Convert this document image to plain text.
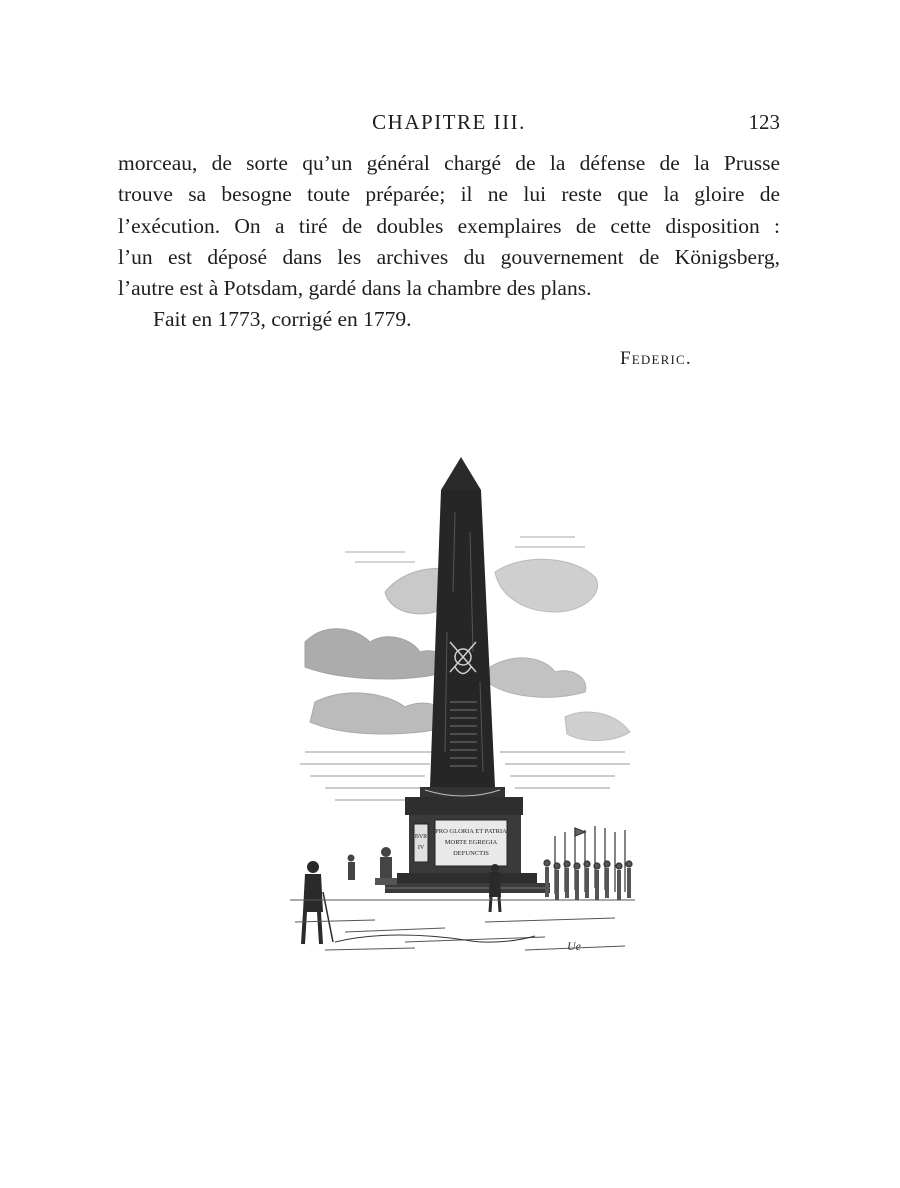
CHAPITRE III.	123
morceau, de sorte qu’un général chargé de la défense de la Prusse
trouve sa besogne toute préparée; il ne lui reste que la gloire de
l’exécution. On a tiré de doubles exemplaires de cette disposition :
l’un est déposé dans les archives du gouvernement de Königsberg,
l’autre est à Potsdam, gardé dans la chambre des plans.
Fait en 1773, corrigé en 1779.
Federic.
PRO GLORIA ET PATRIA
MORTE EGREGIA
DEFUNCTIS
BVR
IV
Ue
